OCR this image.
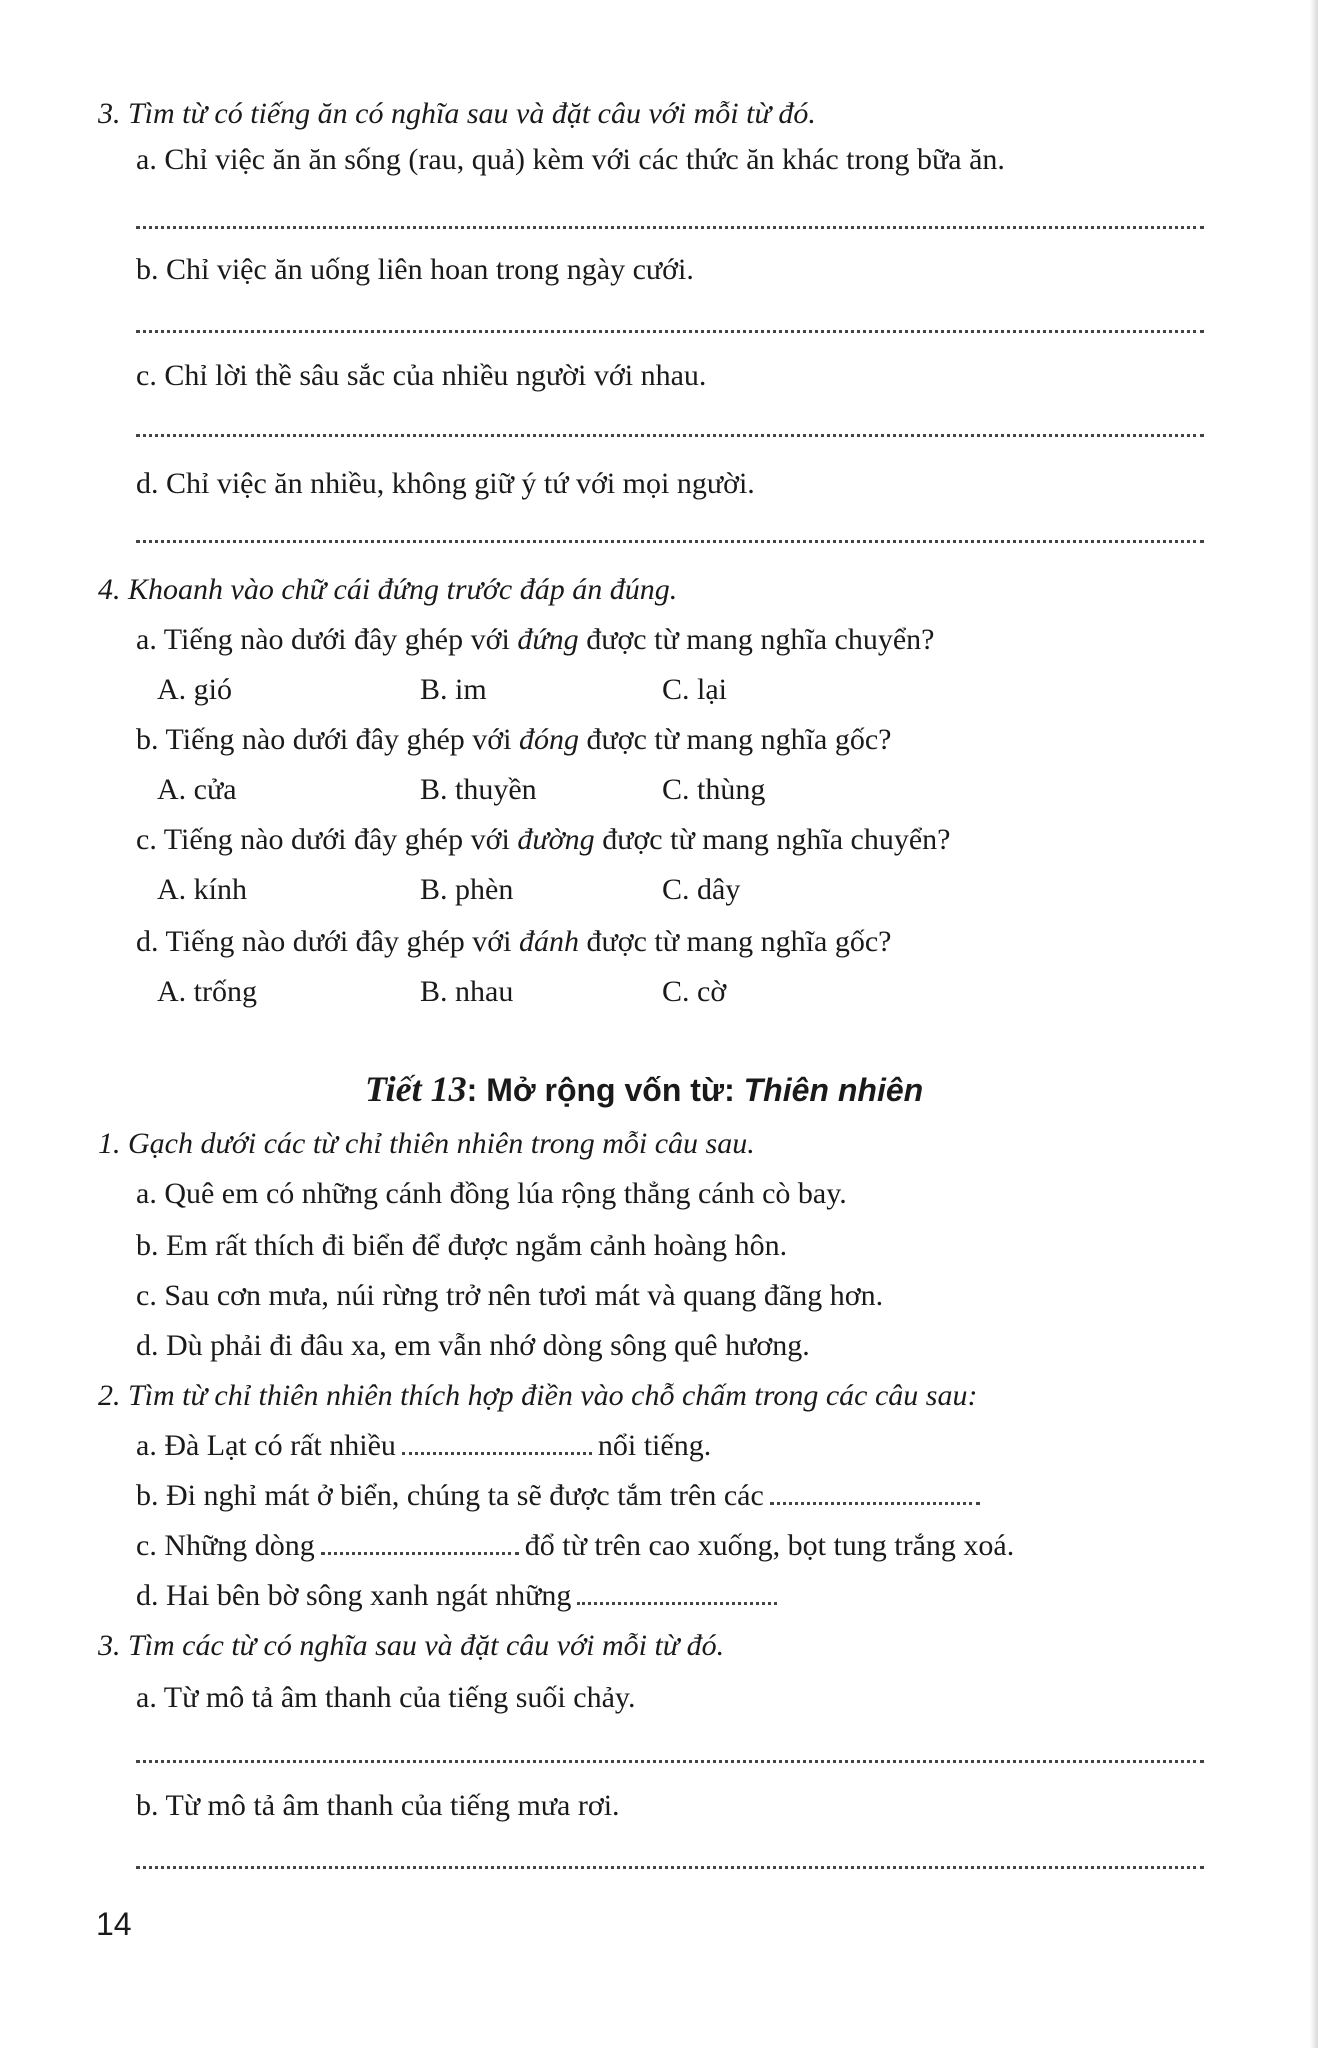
3. Tìm từ có tiếng ăn có nghĩa sau và đặt câu với mỗi từ đó.
a. Chỉ việc ăn ăn sống (rau, quả) kèm với các thức ăn khác trong bữa ăn.
b. Chỉ việc ăn uống liên hoan trong ngày cưới.
c. Chỉ lời thề sâu sắc của nhiều người với nhau.
d. Chỉ việc ăn nhiều, không giữ ý tứ với mọi người.
4. Khoanh vào chữ cái đứng trước đáp án đúng.
a. Tiếng nào dưới đây ghép với đứng được từ mang nghĩa chuyển?
A. gió	B. im	C. lại
b. Tiếng nào dưới đây ghép với đóng được từ mang nghĩa gốc?
A. cửa	B. thuyền	C. thùng
c. Tiếng nào dưới đây ghép với đường được từ mang nghĩa chuyển?
A. kính	B. phèn	C. dây
d. Tiếng nào dưới đây ghép với đánh được từ mang nghĩa gốc?
A. trống	B. nhau	C. cờ
Tiết 13: Mở rộng vốn từ: Thiên nhiên
1. Gạch dưới các từ chỉ thiên nhiên trong mỗi câu sau.
a. Quê em có những cánh đồng lúa rộng thẳng cánh cò bay.
b. Em rất thích đi biển để được ngắm cảnh hoàng hôn.
c. Sau cơn mưa, núi rừng trở nên tươi mát và quang đãng hơn.
d. Dù phải đi đâu xa, em vẫn nhớ dòng sông quê hương.
2. Tìm từ chỉ thiên nhiên thích hợp điền vào chỗ chấm trong các câu sau:
a. Đà Lạt có rất nhiều	nổi tiếng.
b. Đi nghỉ mát ở biển, chúng ta sẽ được tắm trên các
c. Những dòng	đổ từ trên cao xuống, bọt tung trắng xoá.
d. Hai bên bờ sông xanh ngát những
3. Tìm các từ có nghĩa sau và đặt câu với mỗi từ đó.
a. Từ mô tả âm thanh của tiếng suối chảy.
b. Từ mô tả âm thanh của tiếng mưa rơi.
14
